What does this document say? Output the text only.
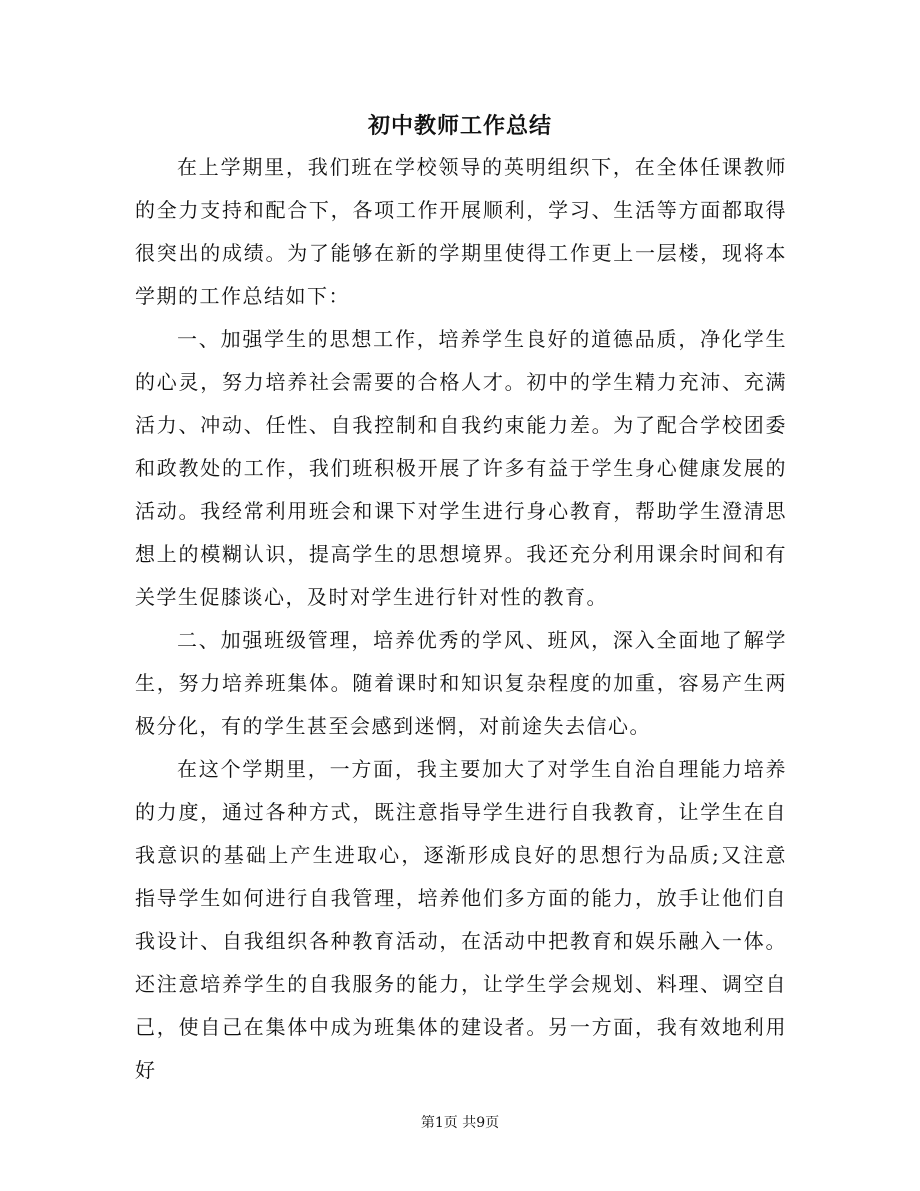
初中教师工作总结

在上学期里，我们班在学校领导的英明组织下，在全体任课教师的全力支持和配合下，各项工作开展顺利，学习、生活等方面都取得很突出的成绩。为了能够在新的学期里使得工作更上一层楼，现将本学期的工作总结如下：

一、加强学生的思想工作，培养学生良好的道德品质，净化学生的心灵，努力培养社会需要的合格人才。初中的学生精力充沛、充满活力、冲动、任性、自我控制和自我约束能力差。为了配合学校团委和政教处的工作，我们班积极开展了许多有益于学生身心健康发展的活动。我经常利用班会和课下对学生进行身心教育，帮助学生澄清思想上的模糊认识，提高学生的思想境界。我还充分利用课余时间和有关学生促膝谈心，及时对学生进行针对性的教育。

二、加强班级管理，培养优秀的学风、班风，深入全面地了解学生，努力培养班集体。随着课时和知识复杂程度的加重，容易产生两极分化，有的学生甚至会感到迷惘，对前途失去信心。

在这个学期里，一方面，我主要加大了对学生自治自理能力培养的力度，通过各种方式，既注意指导学生进行自我教育，让学生在自我意识的基础上产生进取心，逐渐形成良好的思想行为品质;又注意指导学生如何进行自我管理，培养他们多方面的能力，放手让他们自我设计、自我组织各种教育活动，在活动中把教育和娱乐融入一体。还注意培养学生的自我服务的能力，让学生学会规划、料理、调空自己，使自己在集体中成为班集体的建设者。另一方面，我有效地利用好

第1页 共9页
